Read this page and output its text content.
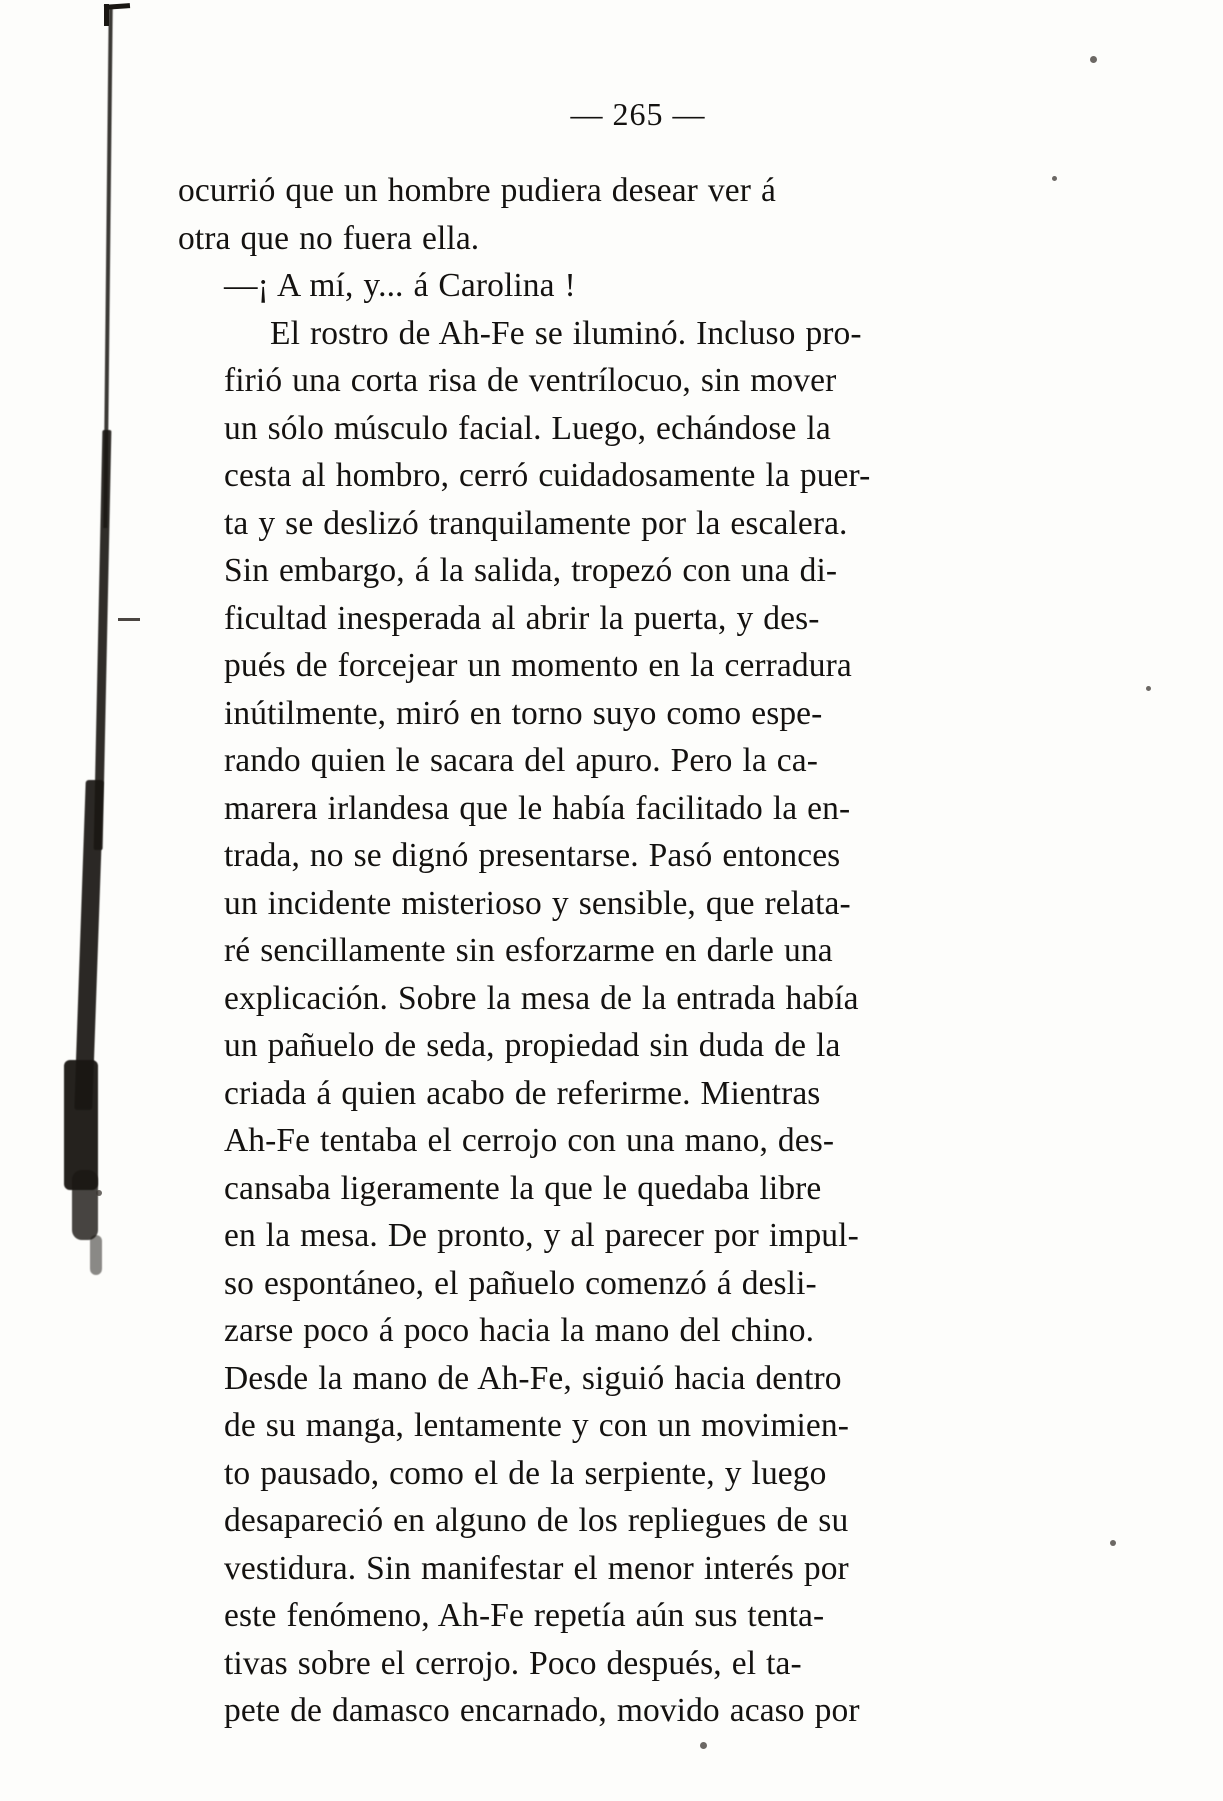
— 265 —
ocurrió que un hombre pudiera desear ver á
otra que no fuera ella.
—¡ A mí, y... á Carolina !
El rostro de Ah-Fe se iluminó. Incluso pro-
firió una corta risa de ventrílocuo, sin mover
un sólo músculo facial. Luego, echándose la
cesta al hombro, cerró cuidadosamente la puer-
ta y se deslizó tranquilamente por la escalera.
Sin embargo, á la salida, tropezó con una di-
ficultad inesperada al abrir la puerta, y des-
pués de forcejear un momento en la cerradura
inútilmente, miró en torno suyo como espe-
rando quien le sacara del apuro. Pero la ca-
marera irlandesa que le había facilitado la en-
trada, no se dignó presentarse. Pasó entonces
un incidente misterioso y sensible, que relata-
ré sencillamente sin esforzarme en darle una
explicación. Sobre la mesa de la entrada había
un pañuelo de seda, propiedad sin duda de la
criada á quien acabo de referirme. Mientras
Ah-Fe tentaba el cerrojo con una mano, des-
cansaba ligeramente la que le quedaba libre
en la mesa. De pronto, y al parecer por impul-
so espontáneo, el pañuelo comenzó á desli-
zarse poco á poco hacia la mano del chino.
Desde la mano de Ah-Fe, siguió hacia dentro
de su manga, lentamente y con un movimien-
to pausado, como el de la serpiente, y luego
desapareció en alguno de los repliegues de su
vestidura. Sin manifestar el menor interés por
este fenómeno, Ah-Fe repetía aún sus tenta-
tivas sobre el cerrojo. Poco después, el ta-
pete de damasco encarnado, movido acaso por
